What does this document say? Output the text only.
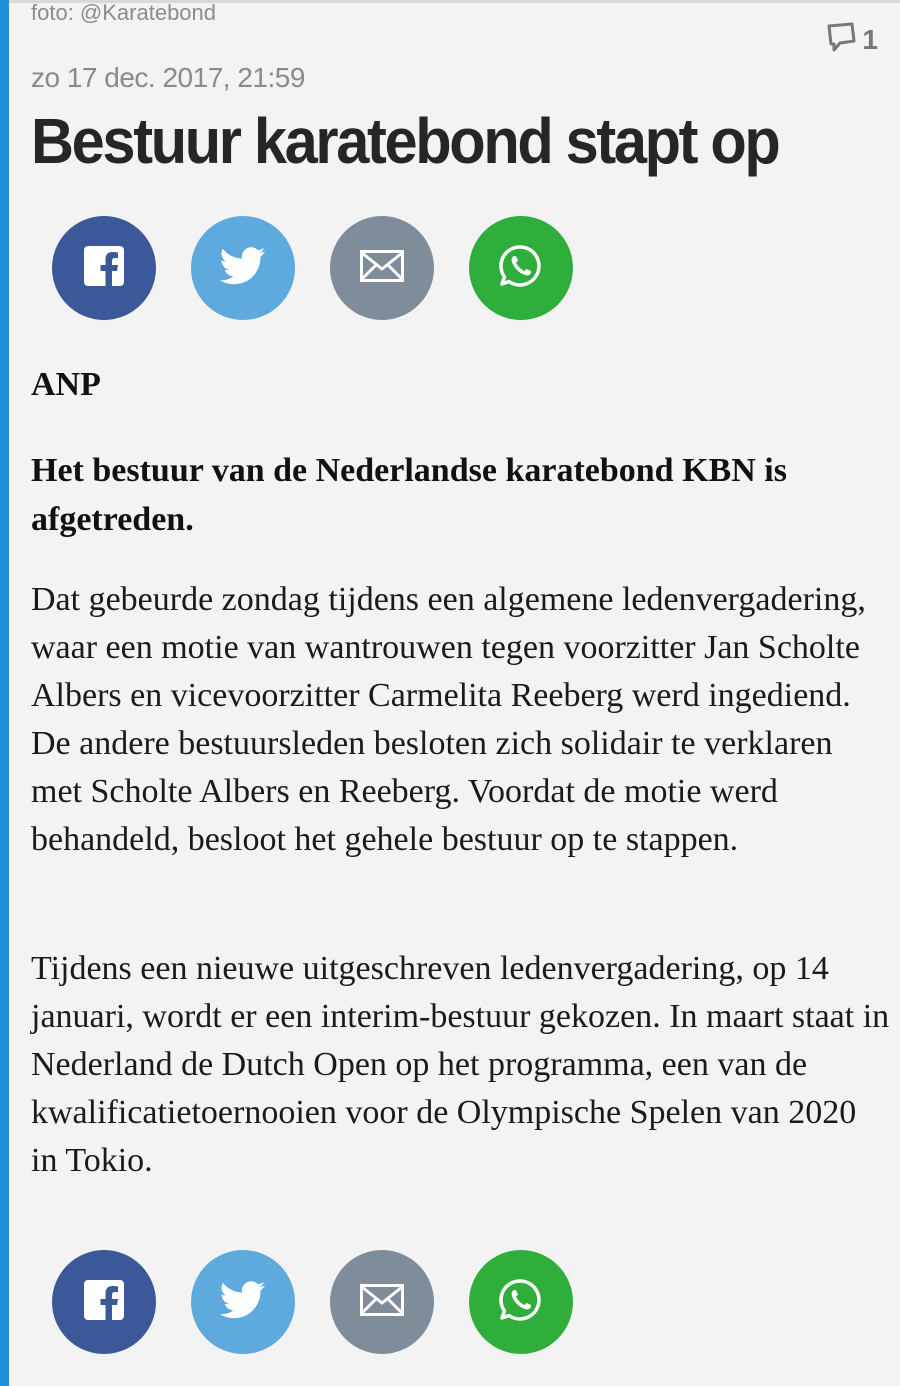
foto: @Karatebond
1
zo 17 dec. 2017, 21:59
Bestuur karatebond stapt op
ANP
Het bestuur van de Nederlandse karatebond KBN is afgetreden.
Dat gebeurde zondag tijdens een algemene ledenvergadering, waar een motie van wantrouwen tegen voorzitter Jan Scholte Albers en vicevoorzitter Carmelita Reeberg werd ingediend. De andere bestuursleden besloten zich solidair te verklaren met Scholte Albers en Reeberg. Voordat de motie werd behandeld, besloot het gehele bestuur op te stappen.
Tijdens een nieuwe uitgeschreven ledenvergadering, op 14 januari, wordt er een interim-bestuur gekozen. In maart staat in Nederland de Dutch Open op het programma, een van de kwalificatietoernooien voor de Olympische Spelen van 2020 in Tokio.
